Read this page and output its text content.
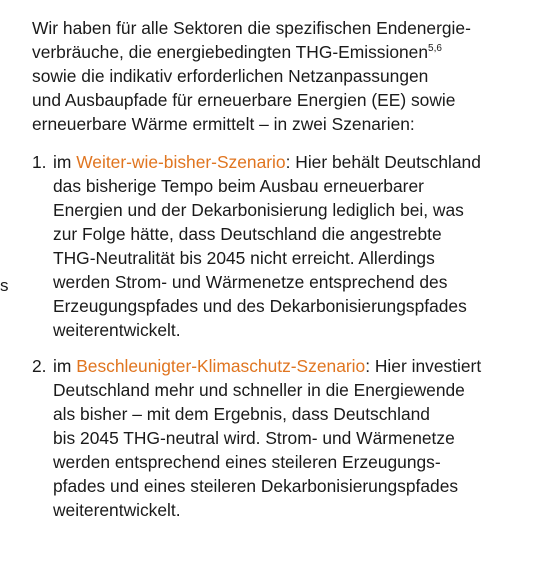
s

Wir haben für alle Sektoren die spezifischen Endenergie-
verbräuche, die energiebedingten THG-Emissionen$^{5,6}$
sowie die indikativ erforderlichen Netzanpassungen
und Ausbaupfade für erneuerbare Energien (EE) sowie
erneuerbare Wärme ermittelt – in zwei Szenarien:

1. im Weiter-wie-bisher-Szenario: Hier behält Deutschland
das bisherige Tempo beim Ausbau erneuerbarer
Energien und der Dekarbonisierung lediglich bei, was
zur Folge hätte, dass Deutschland die angestrebte
THG-Neutralität bis 2045 nicht erreicht. Allerdings
werden Strom- und Wärmenetze entsprechend des
Erzeugungspfades und des Dekarbonisierungspfades
weiterentwickelt.
2. im Beschleunigter-Klimaschutz-Szenario: Hier investiert
Deutschland mehr und schneller in die Energiewende
als bisher – mit dem Ergebnis, dass Deutschland
bis 2045 THG-neutral wird. Strom- und Wärmenetze
werden entsprechend eines steileren Erzeugungs-
pfades und eines steileren Dekarbonisierungspfades
weiterentwickelt.
